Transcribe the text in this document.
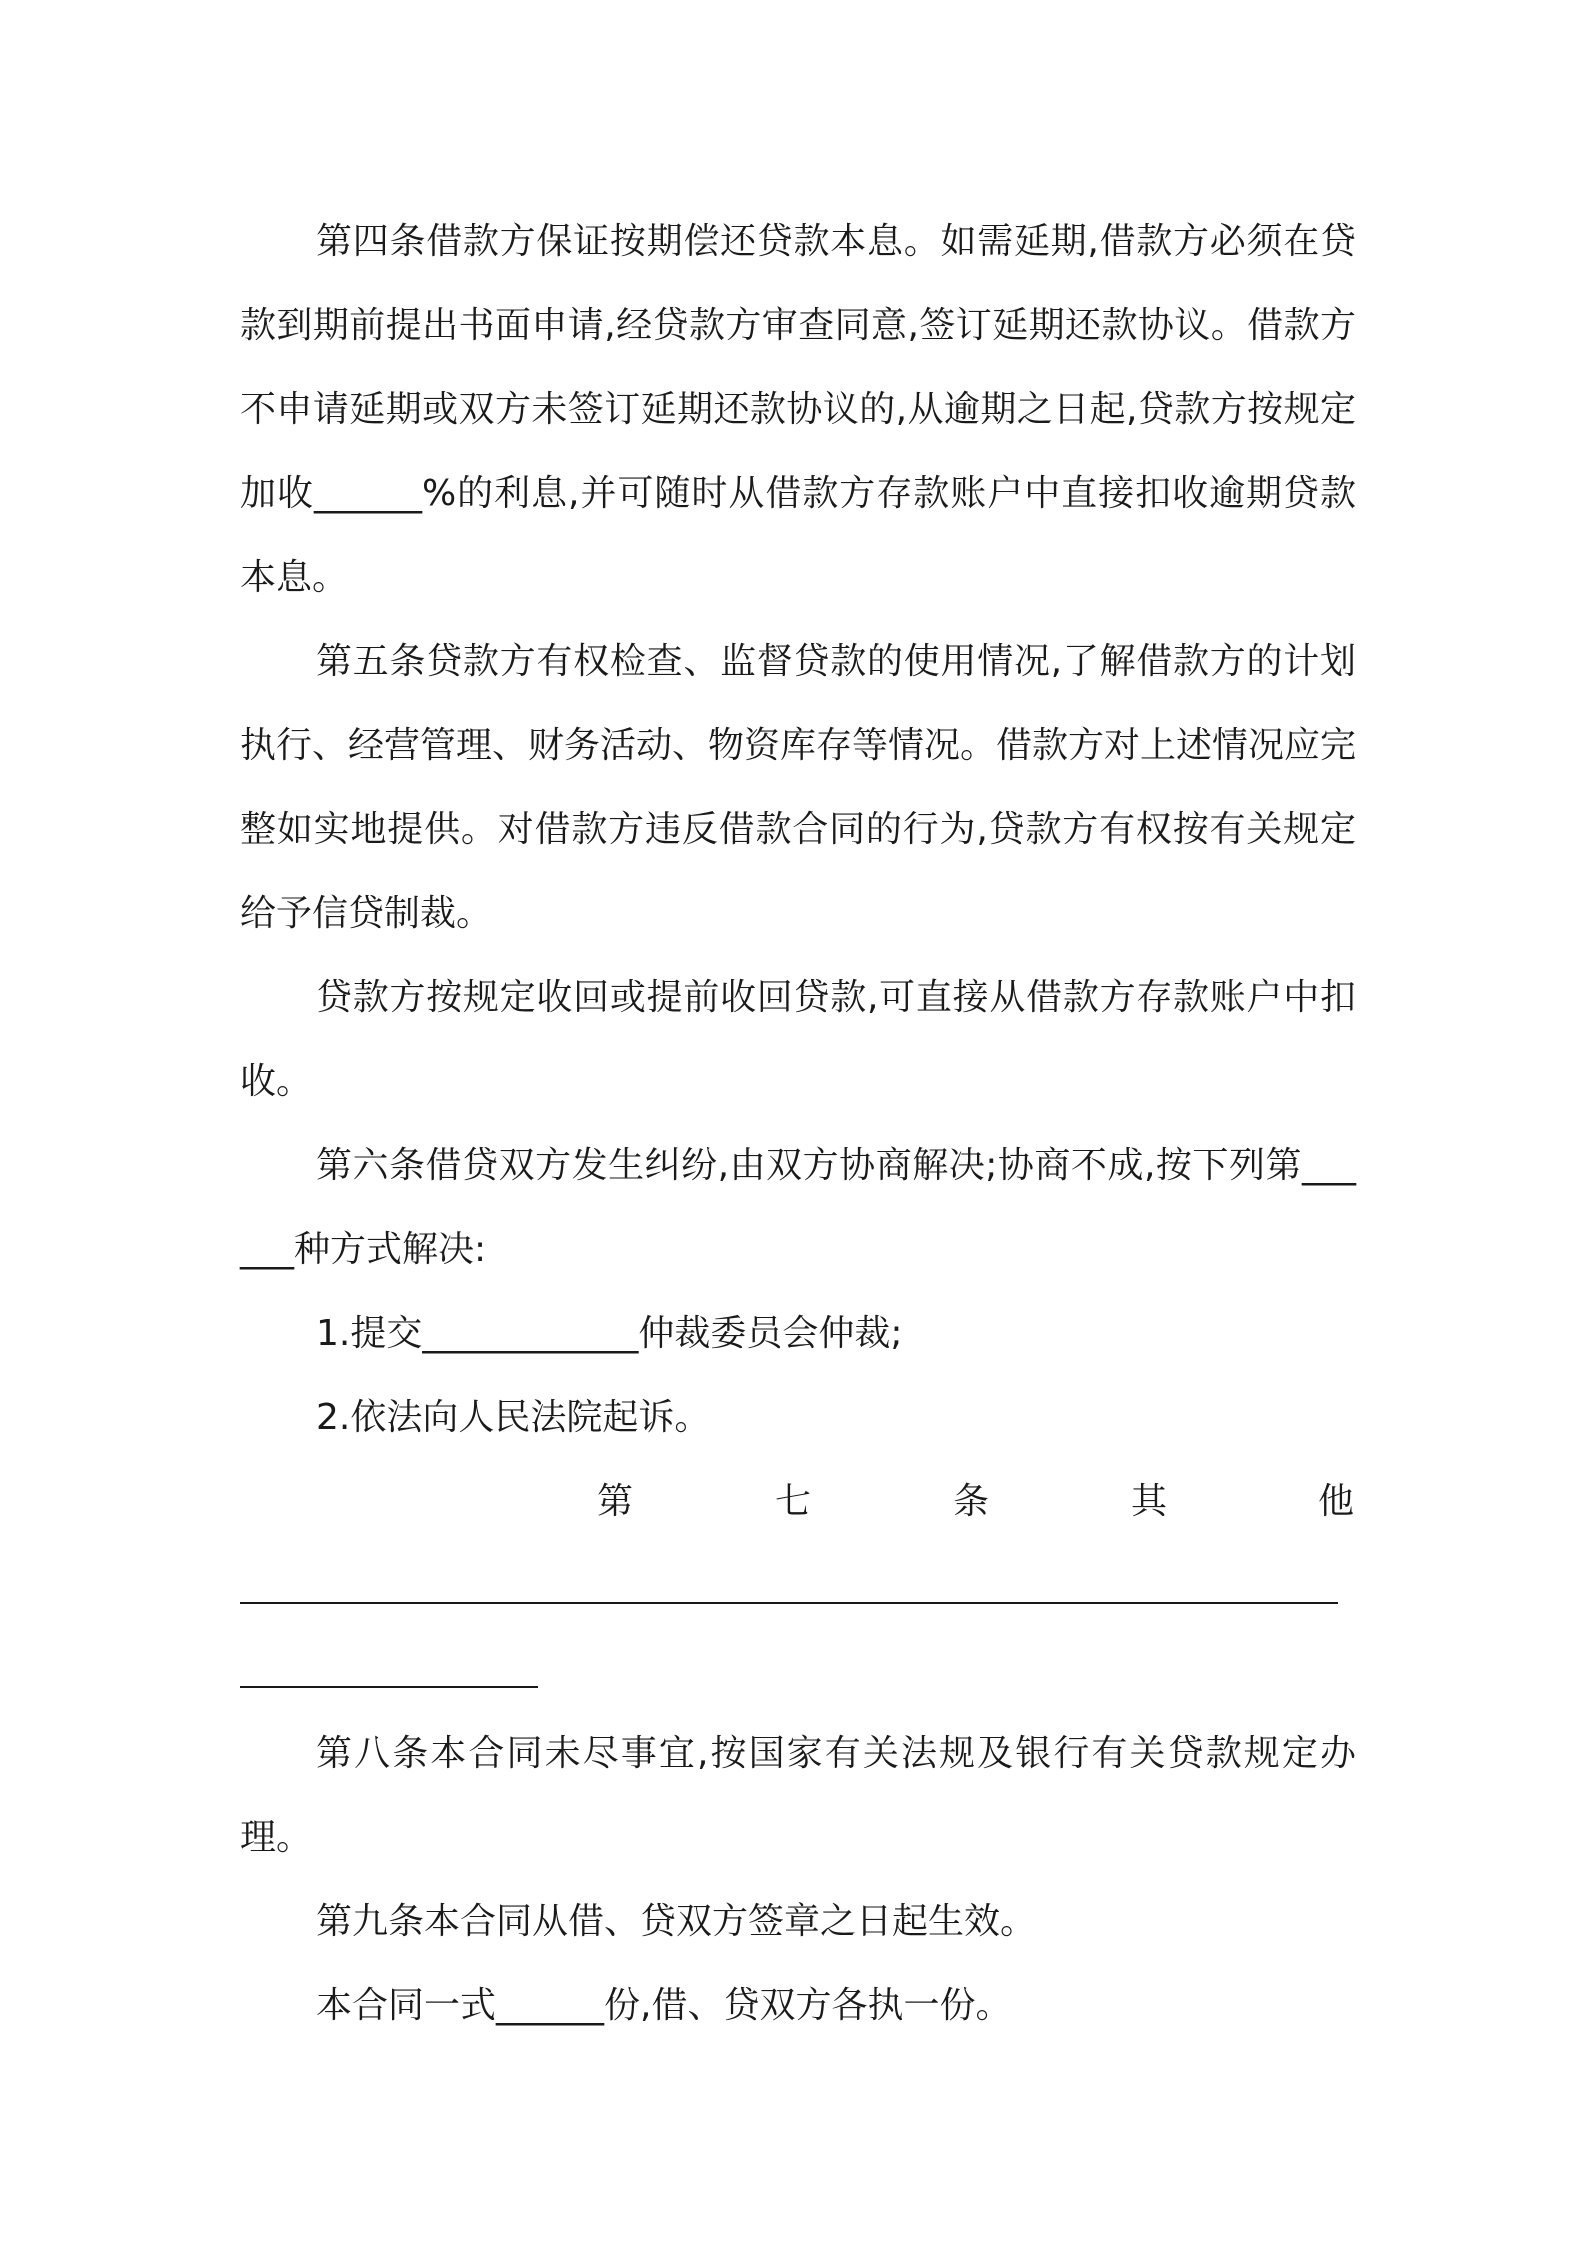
第四条借款方保证按期偿还贷款本息。如需延期,借款方必须在贷款到期前提出书面申请,经贷款方审查同意,签订延期还款协议。借款方不申请延期或双方未签订延期还款协议的,从逾期之日起,贷款方按规定加收______%的利息,并可随时从借款方存款账户中直接扣收逾期贷款本息。

第五条贷款方有权检查、监督贷款的使用情况,了解借款方的计划执行、经营管理、财务活动、物资库存等情况。借款方对上述情况应完整如实地提供。对借款方违反借款合同的行为,贷款方有权按有关规定给予信贷制裁。

贷款方按规定收回或提前收回贷款,可直接从借款方存款账户中扣收。

第六条借贷双方发生纠纷,由双方协商解决;协商不成,按下列第______种方式解决:

1.提交____________仲裁委员会仲裁;

2.依法向人民法院起诉。

第	七	条	其	他

第八条本合同未尽事宜,按国家有关法规及银行有关贷款规定办理。

第九条本合同从借、贷双方签章之日起生效。

本合同一式______份,借、贷双方各执一份。
